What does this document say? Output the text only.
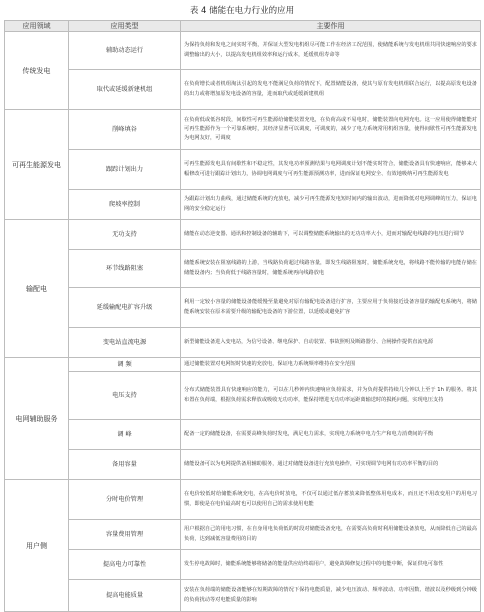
表 4 储能在电力行业的应用
应用领域	应用类型	主要作用
传统发电	辅助动态运行	为保持负荷和发电之间实时平衡，并保证大型发电机组尽可能工作在经济工况范围，使储能系统与发电机组共同快速响应的要求调整输出的大小，以提高发电机组效率和运行成本，延缓机组寿命等
	取代或延缓新建机组	在负荷增长或者机组淘汰引起的发电不能满足负荷的情况下，配置储能设备，使其与原有发电机组联合运行，以提高原发电设备的出力或将增加原发电设备的容量，进而取代或延缓新建机组
可再生能源发电	削峰填谷	在负荷低或低谷时段，间歇性可再生能源给储能装置充电，在负荷高或不易电时，储能装置向电网充电。这一应用使得储能能对可再生能源作为一个可靠系统时，其经济显著可以调度，可调度的，减少了电力系统常用机组容量，使得间歇性可再生能源发电为电网友好，可调度
	跟踪计划出力	可再生能源发电具有间歇性和不稳定性，其发电功率预测结果与电网调度计划不能实时符合，储能设备具有快速响应，能够来大幅修改可进行跟踪计划出力，协调电网调度与可再生能源预测功率，进而保证电网安全、有效地吸纳可再生能源发电
	爬坡率控制	为跟踪计划出力曲线，通过储能系统的充放电，减少可再生能源发电短时间内的输出波动，进而降低对电网调峰的压力，保证电网的安全稳定运行
输配电	无功支持	储能在动态逆变器、通讯和控制设备的辅助下，可以调整储能系统输出的无功功率大小，进而对输配电线路的电压进行调节
	环节线路阻塞	储能系统安装在阻塞线路的上游，当线路负荷超过线路容量，即发生线路阻塞时，储能系统充电，将线路不能传输的电能存储在储能设备内；当负荷低于线路容量时，储能系统再向线路放电
	延缓输配电扩容升级	利用一定较小容量的储能设备能缓慢至量避免对原有输配电设备进行扩容，主要应用于负荷接近设备容量的输配电系统内，将储能系统安装在原本需要升级的输配电设备的下游位置，以延缓或避免扩容
	变电站直流电源	新型储能设备进入变电站，为信号设备、继电保护、自动装置、事故照明及断路器分、合闸操作提供直流电源
电网辅助服务	调 频	通过储能装置对电网短时快速的充放电，保证电力系统频率维持在安全范围
	电压支持	分布式储能装置具有快速响应的能力，可以在几秒钟内快速响应负荷需求，并为负荷提供持续几分钟以上至于 1h 的服务。将其布置在负荷端，根据负荷需求释放或吸收无功功率，能保持增进无功功率运距离输送时的损耗问题，实现电压支持
	调 峰	配备一定的储能设备，在需要高峰负荷时发电，满足电力需求，实现电力系统中电力生产和电力消费间的平衡
	备用容量	储能设备可以为电网提供备用辅助服务，通过对储能设备进行充放电操作，可实现调节电网有功功率平衡的目的
用户侧	分时电价管理	在电价较低时给储能系统充电，在高电价时放电，不仅可以通过低存蓄放来降低整体用电成本，而且还不用改变用户的用电习惯，即使是在电价最高时也可以使用自己的需求使用电能
	容量费用管理	用户根据自己的用电习惯，在自身用电负荷低的时段对储能设备充电，在需要高负荷时利用储能设备放电，从而降低自己的最高负荷，达到减低容量费用的目的
	提高电力可靠性	发生停电故障时，储能系统能够将储备的能量供应给终端用户，避免故障修复过程中的电能中断，保证供电可靠性
	提高电能质量	安装在负荷端的储能设备能够在短期故障的情况下保持电能质量，减少电压波动、频率波动、功率因数、谐波以及秒级到分钟级的负荷扰动等对电能质量的影响
